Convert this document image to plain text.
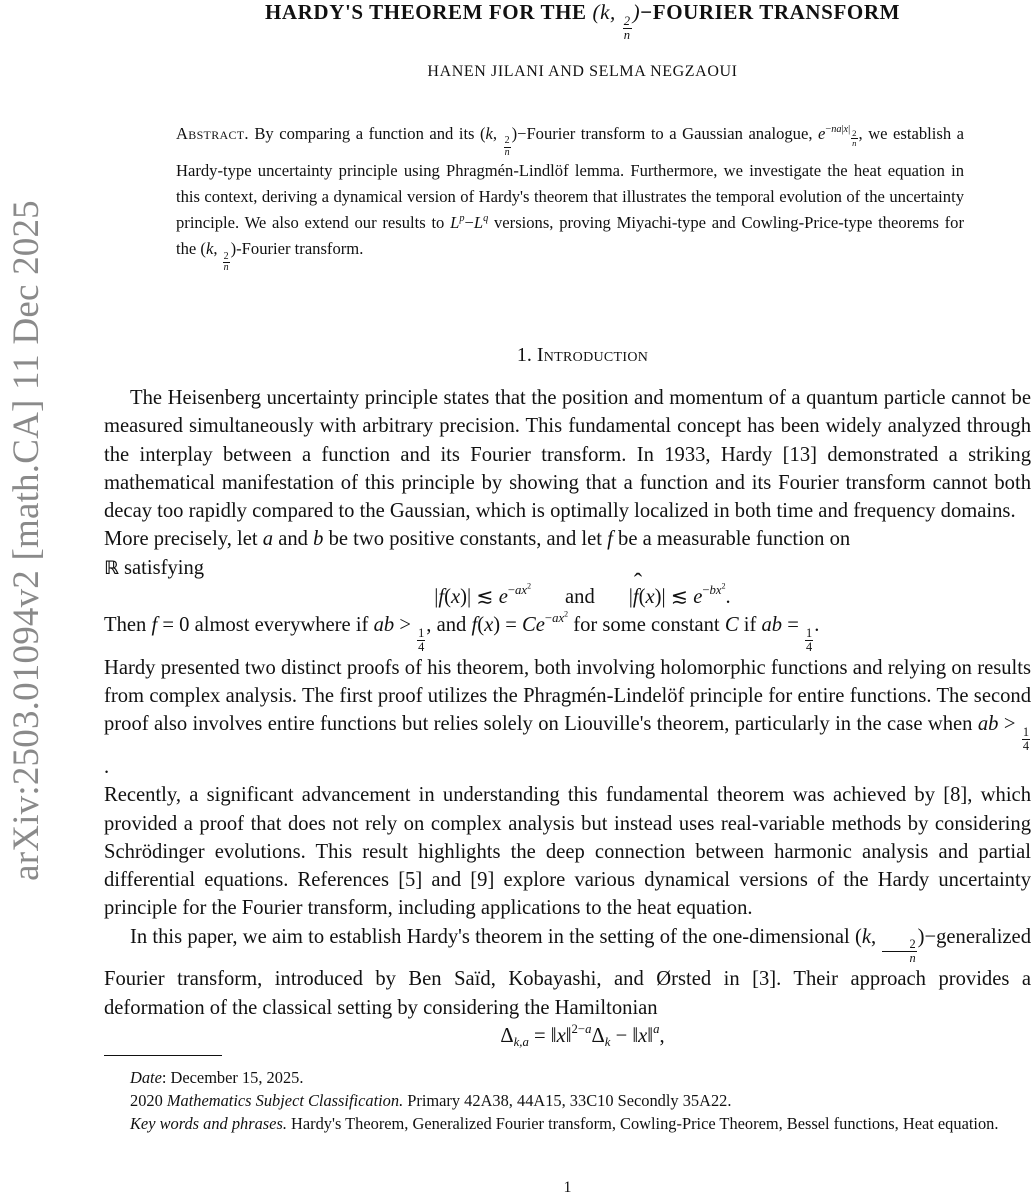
arXiv:2503.01094v2 [math.CA] 11 Dec 2025
HARDY'S THEOREM FOR THE (k,
$\frac{2}{n}$
)−FOURIER TRANSFORM
HANEN JILANI AND SELMA NEGZAOUI
Abstract. By comparing a function and its (k,
$\frac{2}{n}$
)−Fourier transform to a Gaussian analogue, $e^{-na|x| \frac{2}{n}}$ , we establish a Hardy-type uncertainty principle using Phragmén-Lindlöf lemma. Furthermore, we investigate the heat equation in this context, deriving a dynamical version of Hardy's theorem that illustrates the temporal evolution of the uncertainty principle. We also extend our results to $L^p-L^q$ versions, proving Miyachi-type and Cowling-Price-type theorems for the (k,
$\frac{2}{n}$
)-Fourier transform.
1. Introduction

The Heisenberg uncertainty principle states that the position and momentum of a quantum particle cannot be measured simultaneously with arbitrary precision. This fundamental concept has been widely analyzed through the interplay between a function and its Fourier transform. In 1933, Hardy [13] demonstrated a striking mathematical manifestation of this principle by showing that a function and its Fourier transform cannot both decay too rapidly compared to the Gaussian, which is optimally localized in both time and frequency domains.

More precisely, let a and b be two positive constants, and let f be a measurable function on
ℝ satisfying

|f(x)| ≲ $e^{-ax^2}$ and |ˆ f(x)| ≲ $e^{-bx^2}$.

Then f = 0 almost everywhere if ab >
$\frac{1}{4}$
, and $f(x) = Ce^{-ax^2}$ for some constant C if ab =
$\frac{1}{4}$
.

Hardy presented two distinct proofs of his theorem, both involving holomorphic functions and relying on results from complex analysis. The first proof utilizes the Phragmén-Lindelöf principle for entire functions. The second proof also involves entire functions but relies solely on Liouville's theorem, particularly in the case when ab >
$\frac{1}{4}$
.

Recently, a significant advancement in understanding this fundamental theorem was achieved by [8], which provided a proof that does not rely on complex analysis but instead uses real-variable methods by considering Schrödinger evolutions. This result highlights the deep connection between harmonic analysis and partial differential equations. References [5] and [9] explore various dynamical versions of the Hardy uncertainty principle for the Fourier transform, including applications to the heat equation.

In this paper, we aim to establish Hardy's theorem in the setting of the one-dimensional (k,
$\frac{2}{n}$
)−generalized Fourier transform, introduced by Ben Saïd, Kobayashi, and Ørsted in [3]. Their approach provides a deformation of the classical setting by considering the Hamiltonian

$\Delta_{k,a}$ = $‖x‖^{2-a}\Delta_k$ − ‖x‖$^a$,

Date: December 15, 2025.

2020 Mathematics Subject Classification. Primary 42A38, 44A15, 33C10 Secondly 35A22.

Key words and phrases. Hardy's Theorem, Generalized Fourier transform, Cowling-Price Theorem, Bessel functions, Heat equation.

1
